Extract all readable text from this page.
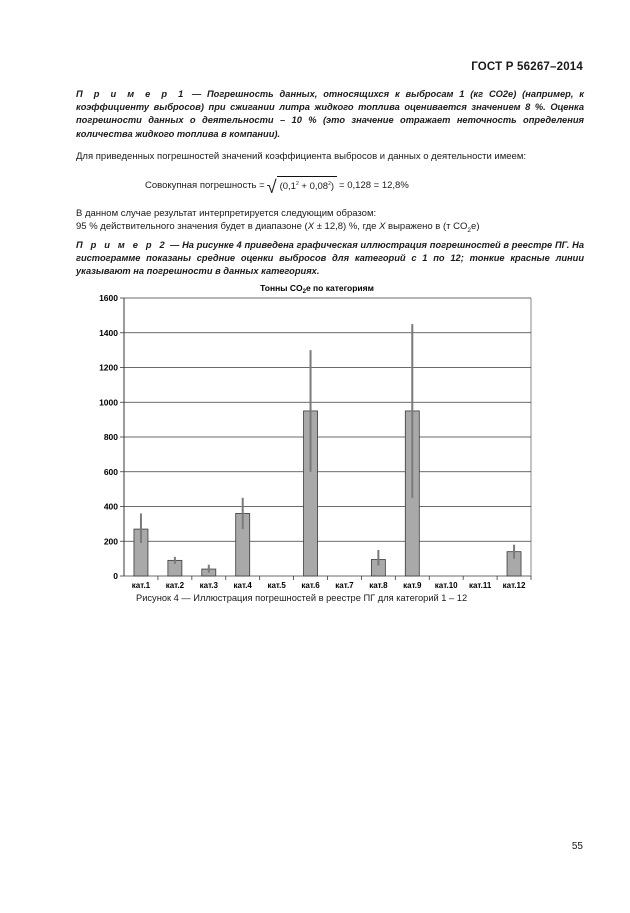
ГОСТ Р 56267–2014
П р и м е р 1 — Погрешность данных, относящихся к выбросам 1 (кг CO2e) (например, к коэффициенту выбросов) при сжигании литра жидкого топлива оценивается значением 8 %. Оценка погрешности данных о деятельности – 10 % (это значение отражает неточность определения количества жидкого топлива в компании).
Для приведенных погрешностей значений коэффициента выбросов и данных о деятельности имеем:
Совокупная погрешность = √ $(0,1^2 + 0,08^2) = 0,128 = 12,8\%$
В данном случае результат интерпретируется следующим образом:
95 % действительного значения будет в диапазоне (X ± 12,8) %, где X выражено в (т $CO_2е$)
П р и м е р 2 — На рисунке 4 приведена графическая иллюстрация погрешностей в реестре ПГ. На гистограмме показаны средние оценки выбросов для категорий с 1 по 12; тонкие красные линии указывают на погрешности в данных категориях.
Тонны $CO_2е$ по категориям
0
200
400
600
800
1000
1200
1400
1600
кат.1 кат.2 кат.3 кат.4 кат.5 кат.6 кат.7 кат.8 кат.9 кат.10 кат.11 кат.12
Рисунок 4 — Иллюстрация погрешностей в реестре ПГ для категорий 1 – 12
55
